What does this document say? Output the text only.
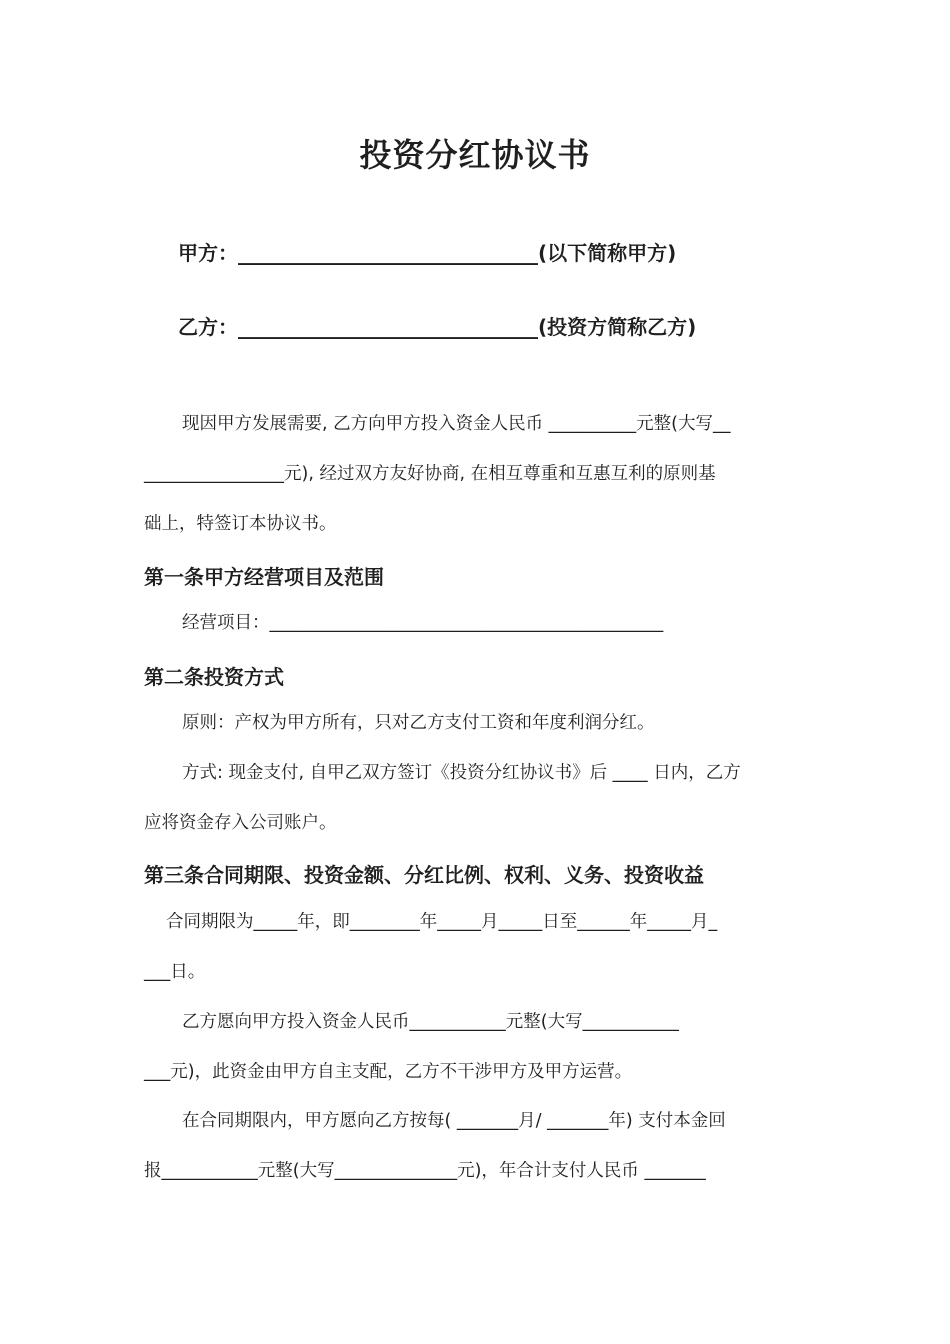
投资分红协议书
甲方：______________________________(以下简称甲方)
乙方：______________________________(投资方简称乙方)
现因甲方发展需要, 乙方向甲方投入资金人民币 __________元整(大写__
________________元), 经过双方友好协商, 在相互尊重和互惠互利的原则基
础上，特签订本协议书。
第一条甲方经营项目及范围
经营项目：_____________________________________________
第二条投资方式
原则：产权为甲方所有，只对乙方支付工资和年度利润分红。
方式: 现金支付, 自甲乙双方签订《投资分红协议书》后 ____ 日内，乙方
应将资金存入公司账户。
第三条合同期限、投资金额、分红比例、权利、义务、投资收益
合同期限为_____年，即________年_____月_____日至______年_____月_
___日。
乙方愿向甲方投入资金人民币___________元整(大写___________
___元)，此资金由甲方自主支配，乙方不干涉甲方及甲方运营。
在合同期限内，甲方愿向乙方按每( _______月/ _______年) 支付本金回
报___________元整(大写______________元)，年合计支付人民币 _______
